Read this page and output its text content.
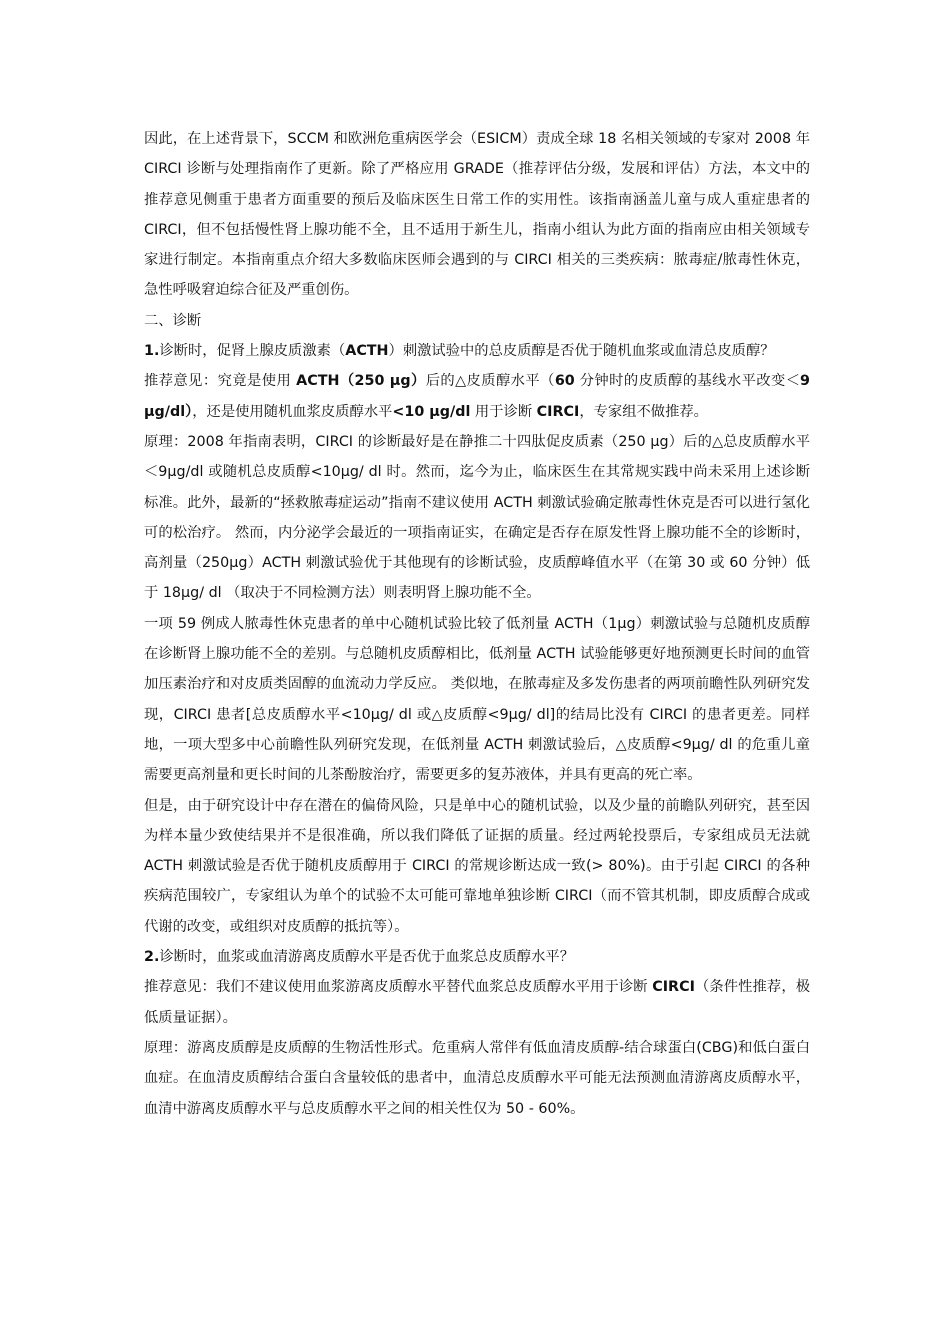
因此，在上述背景下，SCCM 和欧洲危重病医学会（ESICM）责成全球 18 名相关领域的专家对 2008 年 CIRCI 诊断与处理指南作了更新。除了严格应用 GRADE（推荐评估分级，发展和评估）方法，本文中的推荐意见侧重于患者方面重要的预后及临床医生日常工作的实用性。该指南涵盖儿童与成人重症患者的 CIRCI，但不包括慢性肾上腺功能不全，且不适用于新生儿，指南小组认为此方面的指南应由相关领域专家进行制定。本指南重点介绍大多数临床医师会遇到的与 CIRCI 相关的三类疾病：脓毒症/脓毒性休克，急性呼吸窘迫综合征及严重创伤。

二、诊断

1.诊断时，促肾上腺皮质激素（ACTH）刺激试验中的总皮质醇是否优于随机血浆或血清总皮质醇？

推荐意见：究竟是使用 ACTH（250 μg）后的△皮质醇水平（60 分钟时的皮质醇的基线水平改变＜9 μg/dl），还是使用随机血浆皮质醇水平<10 μg/dl 用于诊断 CIRCI，专家组不做推荐。

原理：2008 年指南表明，CIRCI 的诊断最好是在静推二十四肽促皮质素（250 μg）后的△总皮质醇水平＜9μg/dl 或随机总皮质醇<10μg/ dl 时。然而，迄今为止，临床医生在其常规实践中尚未采用上述诊断标准。此外，最新的“拯救脓毒症运动”指南不建议使用 ACTH 刺激试验确定脓毒性休克是否可以进行氢化可的松治疗。 然而，内分泌学会最近的一项指南证实，在确定是否存在原发性肾上腺功能不全的诊断时，高剂量（250μg）ACTH 刺激试验优于其他现有的诊断试验，皮质醇峰值水平（在第 30 或 60 分钟）低于 18μg/ dl （取决于不同检测方法）则表明肾上腺功能不全。

一项 59 例成人脓毒性休克患者的单中心随机试验比较了低剂量 ACTH（1μg）刺激试验与总随机皮质醇在诊断肾上腺功能不全的差别。与总随机皮质醇相比，低剂量 ACTH 试验能够更好地预测更长时间的血管加压素治疗和对皮质类固醇的血流动力学反应。 类似地，在脓毒症及多发伤患者的两项前瞻性队列研究发现，CIRCI 患者[总皮质醇水平<10μg/ dl 或△皮质醇<9μg/ dl]的结局比没有 CIRCI 的患者更差。同样地，一项大型多中心前瞻性队列研究发现，在低剂量 ACTH 刺激试验后，△皮质醇<9μg/ dl 的危重儿童需要更高剂量和更长时间的儿茶酚胺治疗，需要更多的复苏液体，并具有更高的死亡率。

但是，由于研究设计中存在潜在的偏倚风险，只是单中心的随机试验，以及少量的前瞻队列研究，甚至因为样本量少致使结果并不是很准确，所以我们降低了证据的质量。经过两轮投票后，专家组成员无法就 ACTH 刺激试验是否优于随机皮质醇用于 CIRCI 的常规诊断达成一致(> 80%)。由于引起 CIRCI 的各种疾病范围较广，专家组认为单个的试验不太可能可靠地单独诊断 CIRCI（而不管其机制，即皮质醇合成或代谢的改变，或组织对皮质醇的抵抗等）。

2.诊断时，血浆或血清游离皮质醇水平是否优于血浆总皮质醇水平？

推荐意见：我们不建议使用血浆游离皮质醇水平替代血浆总皮质醇水平用于诊断 CIRCI（条件性推荐，极低质量证据）。

原理：游离皮质醇是皮质醇的生物活性形式。危重病人常伴有低血清皮质醇-结合球蛋白(CBG)和低白蛋白血症。在血清皮质醇结合蛋白含量较低的患者中，血清总皮质醇水平可能无法预测血清游离皮质醇水平，血清中游离皮质醇水平与总皮质醇水平之间的相关性仅为 50 - 60%。
